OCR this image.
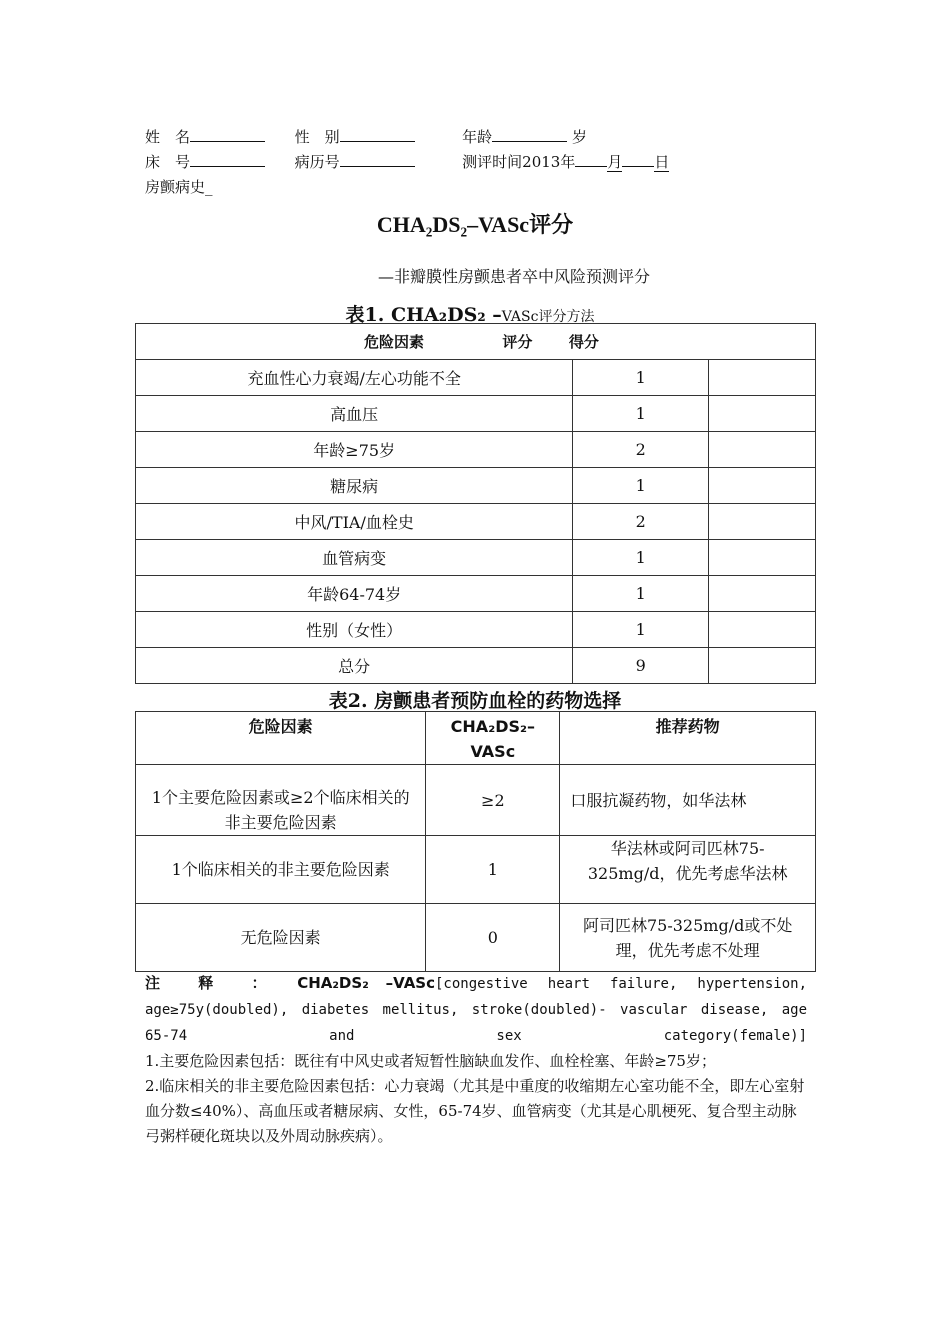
姓　名	性　别	年龄	岁
床　号	病历号	测评时间2013年 月 日
房颤病史_
CHA₂DS₂–VASc评分
—非瓣膜性房颤患者卒中风险预测评分
表1. CHA₂DS₂ –VASc评分方法
危险因素               评分       得分		
充血性心力衰竭/左心功能不全	1	
高血压	1	
年龄≥75岁	2	
糖尿病	1	
中风/TIA/血栓史	2	
血管病变	1	
年龄64-74岁	1	
性别（女性）	1	
总分	9	
表2. 房颤患者预防血栓的药物选择
危险因素	CHA₂DS₂–VASc	推荐药物
1个主要危险因素或≥2个临床相关的非主要危险因素	≥2	口服抗凝药物，如华法林
1个临床相关的非主要危险因素	1	华法林或阿司匹林75-325mg/d，优先考虑华法林
无危险因素	0	阿司匹林75-325mg/d或不处理，优先考虑不处理
注　释　：　CHA₂DS₂ –VASc[congestive heart failure, hypertension, age≥75y(doubled), diabetes mellitus, stroke(doubled)- vascular disease, age 65-74 and sex category(female)]
1.主要危险因素包括：既往有中风史或者短暂性脑缺血发作、血栓栓塞、年龄≥75岁；
2.临床相关的非主要危险因素包括：心力衰竭（尤其是中重度的收缩期左心室功能不全，即左心室射血分数≤40%）、高血压或者糖尿病、女性，65-74岁、血管病变（尤其是心肌梗死、复合型主动脉弓粥样硬化斑块以及外周动脉疾病）。
